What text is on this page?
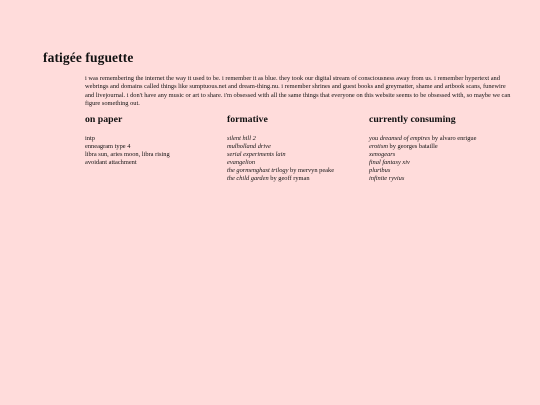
fatigée fuguette

i was remembering the internet the way it used to be. i remember it as blue. they took our digital stream of consciousness away from us. i remember hypertext and webrings and domains called things like sumptuous.net and dream-thing.nu. i remember shrines and guest books and greymatter, shame and artbook scans, funewire and livejournal. i don't have any music or art to share. i'm obsessed with all the same things that everyone on this website seems to be obsessed with, so maybe we can figure something out.

on paper
intp
enneagram type 4
libra sun, aries moon, libra rising
avoidant attachment
formative
silent hill 2
mulholland drive
serial experiments lain
evangelion
the gormenghast trilogy by mervyn peake
the child garden by geoff ryman
currently consuming
you dreamed of empires by alvaro enrigue
erotism by georges bataille
xenogears
final fantasy xiv
pluribus
infinite ryvius
